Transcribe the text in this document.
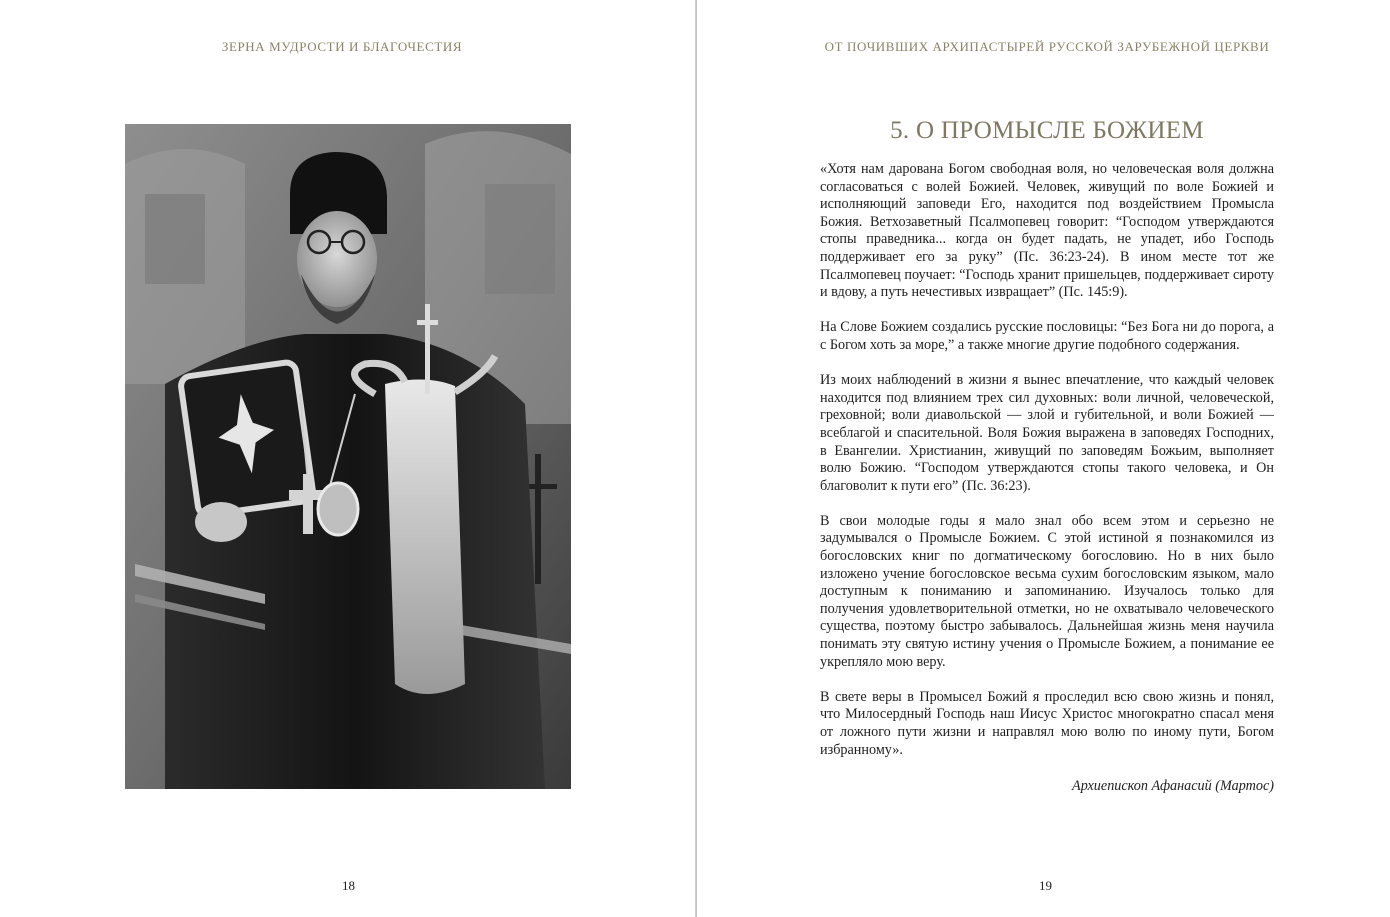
ЗЕРНА МУДРОСТИ И БЛАГОЧЕСТИЯ
18
ОТ ПОЧИВШИХ АРХИПАСТЫРЕЙ РУССКОЙ ЗАРУБЕЖНОЙ ЦЕРКВИ
5. О ПРОМЫСЛЕ БОЖИЕМ

«Хотя нам дарована Богом свободная воля, но человеческая воля должна согласоваться с волей Божией. Человек, живущий по воле Божией и исполняющий заповеди Его, находится под воздействием Промысла Божия. Ветхозаветный Псалмопевец говорит: “Господом утверждаются стопы праведника... когда он будет падать, не упадет, ибо Господь поддерживает его за руку” (Пс. 36:23-24). В ином месте тот же Псалмопевец поучает: “Господь хранит пришельцев, поддерживает сироту и вдову, а путь нечестивых извращает” (Пс. 145:9).

На Слове Божием создались русские пословицы: “Без Бога ни до порога, а с Богом хоть за море,” а также многие другие подобного содержания.

Из моих наблюдений в жизни я вынес впечатление, что каждый человек находится под влиянием трех сил духовных: воли личной, человеческой, греховной; воли диавольской — злой и губительной, и воли Божией — всеблагой и спасительной. Воля Божия выражена в заповедях Господних, в Евангелии. Христианин, живущий по заповедям Божьим, выполняет волю Божию. “Господом утверждаются стопы такого человека, и Он благоволит к пути его” (Пс. 36:23).

В свои молодые годы я мало знал обо всем этом и серьезно не задумывался о Промысле Божием. С этой истиной я познакомился из богословских книг по догматическому богословию. Но в них было изложено учение богословское весьма сухим богословским языком, мало доступным к пониманию и запоминанию. Изучалось только для получения удовлетворительной отметки, но не охватывало человеческого существа, поэтому быстро забывалось. Дальнейшая жизнь меня научила понимать эту святую истину учения о Промысле Божием, а понимание ее укрепляло мою веру.

В свете веры в Промысел Божий я проследил всю свою жизнь и понял, что Милосердный Господь наш Иисус Христос многократно спасал меня от ложного пути жизни и направлял мою волю по иному пути, Богом избранному».

Архиепископ Афанасий (Мартос)
19
